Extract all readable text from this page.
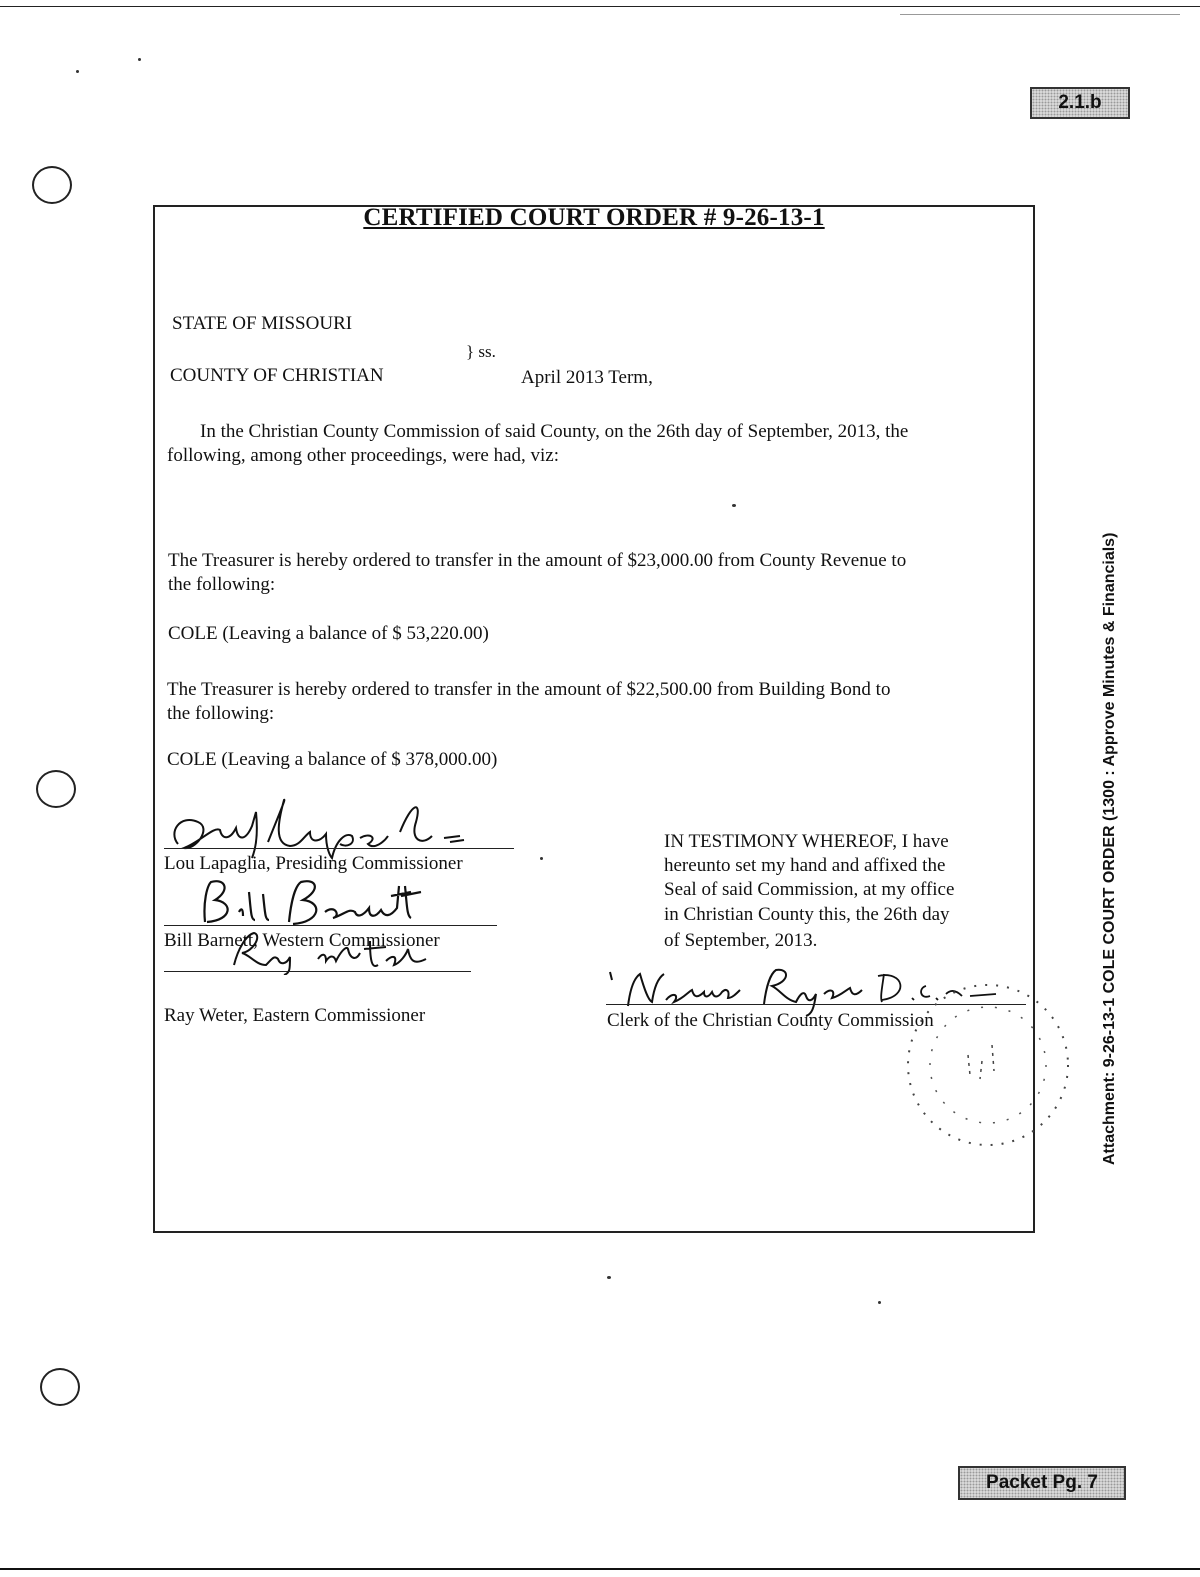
2.1.b
CERTIFIED COURT ORDER # 9-26-13-1
STATE OF MISSOURI
} ss.
COUNTY OF CHRISTIAN	April 2013 Term,
In the Christian County Commission of said County, on the 26th day of September, 2013, the
following, among other proceedings, were had, viz:
The Treasurer is hereby ordered to transfer in the amount of $23,000.00 from County Revenue to
the following:
COLE (Leaving a balance of $ 53,220.00)
The Treasurer is hereby ordered to transfer in the amount of $22,500.00 from Building Bond to
the following:
COLE (Leaving a balance of $ 378,000.00)
Lou Lapaglia, Presiding Commissioner
Bill Barnett, Western Commissioner
Ray Weter, Eastern Commissioner
IN TESTIMONY WHEREOF, I have
hereunto set my hand and affixed the
Seal of said Commission, at my office
in Christian County this, the 26th day
of September, 2013.
Clerk of the Christian County Commission	Attachment: 9-26-13-1 COLE COURT ORDER (1300 : Approve Minutes & Financials)
Packet Pg. 7
